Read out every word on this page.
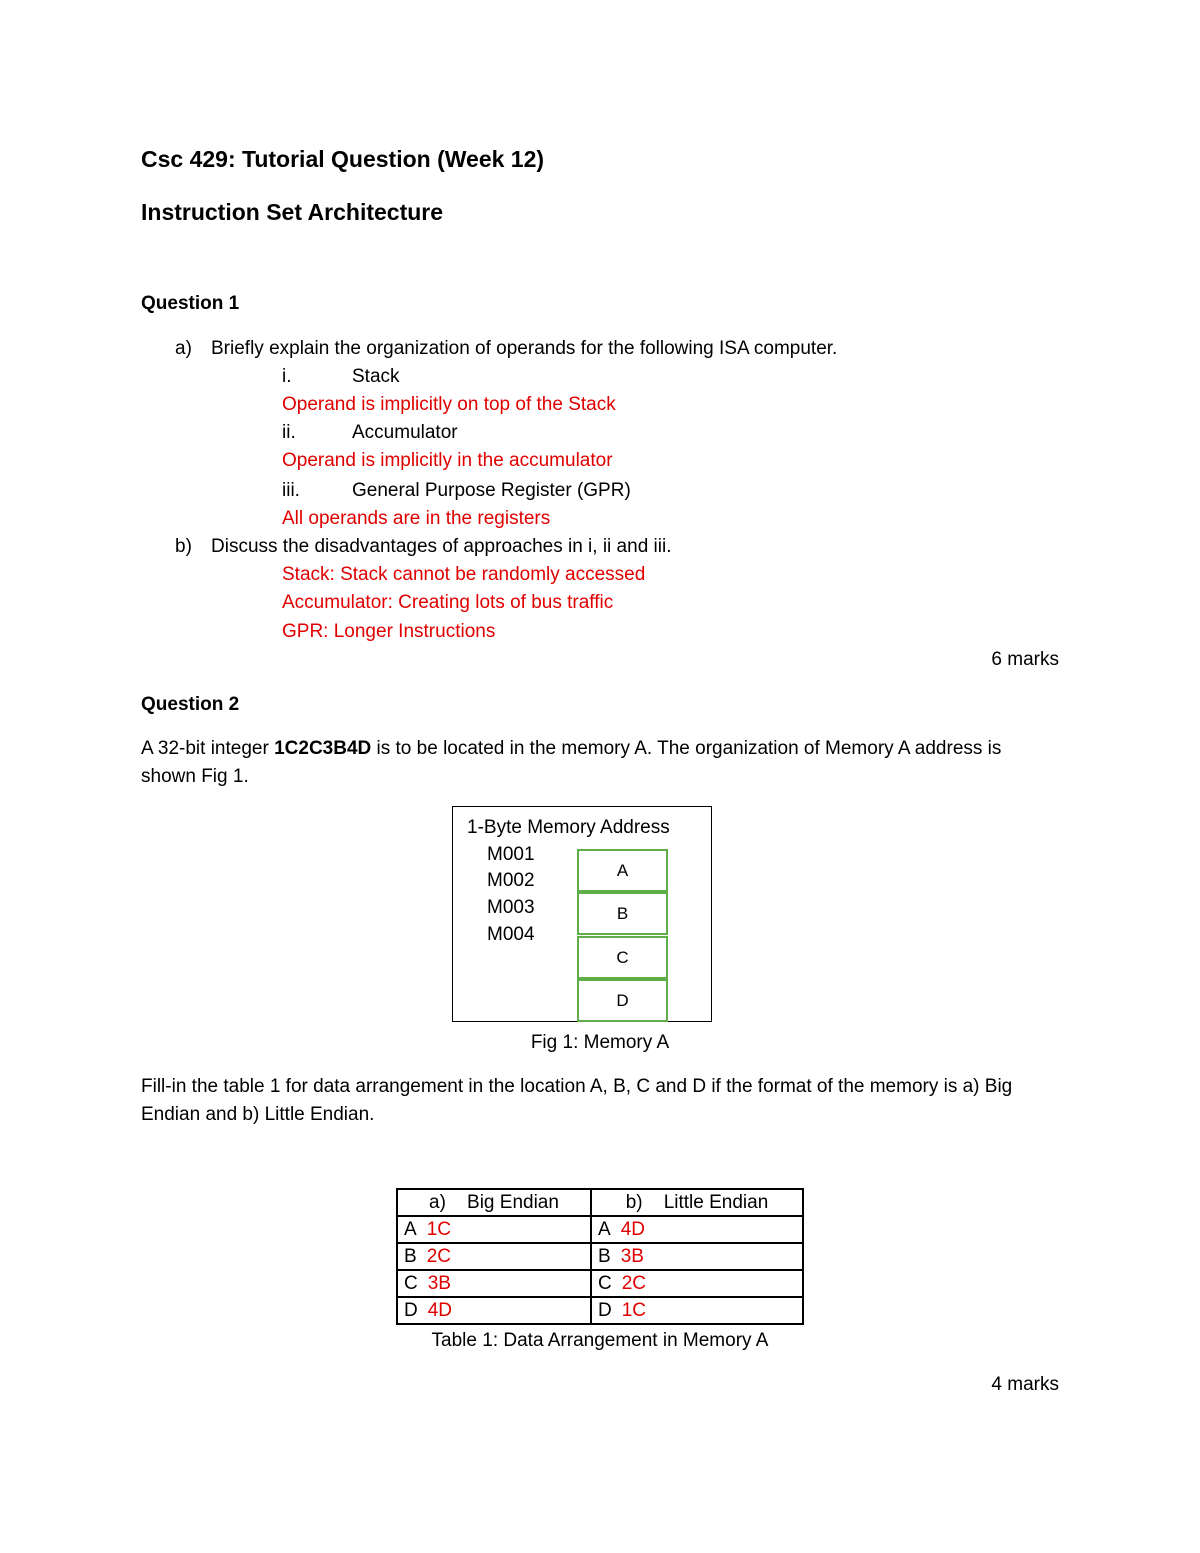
Csc 429: Tutorial Question (Week 12)
Instruction Set Architecture
Question 1
a) Briefly explain the organization of operands for the following ISA computer.
i.	Stack
Operand is implicitly on top of the Stack
ii.	Accumulator
Operand is implicitly in the accumulator
iii.	General Purpose Register (GPR)
All operands are in the registers
b) Discuss the disadvantages of approaches in i, ii and iii.
Stack: Stack cannot be randomly accessed
Accumulator: Creating lots of bus traffic
GPR: Longer Instructions
6 marks
Question 2
A 32-bit integer 1C2C3B4D is to be located in the memory A. The organization of Memory A address is
shown Fig 1.
1-Byte Memory Address
M001
M002
M003
M004
A
B
C
D
Fig 1: Memory A
Fill-in the table 1 for data arrangement in the location A, B, C and D if the format of the memory is a) Big
Endian and b) Little Endian.
a)    Big Endian	b)    Little Endian
A 1C	A 4D
B 2C	B 3B
C 3B	C 2C
D 4D	D 1C
Table 1: Data Arrangement in Memory A
4 marks
